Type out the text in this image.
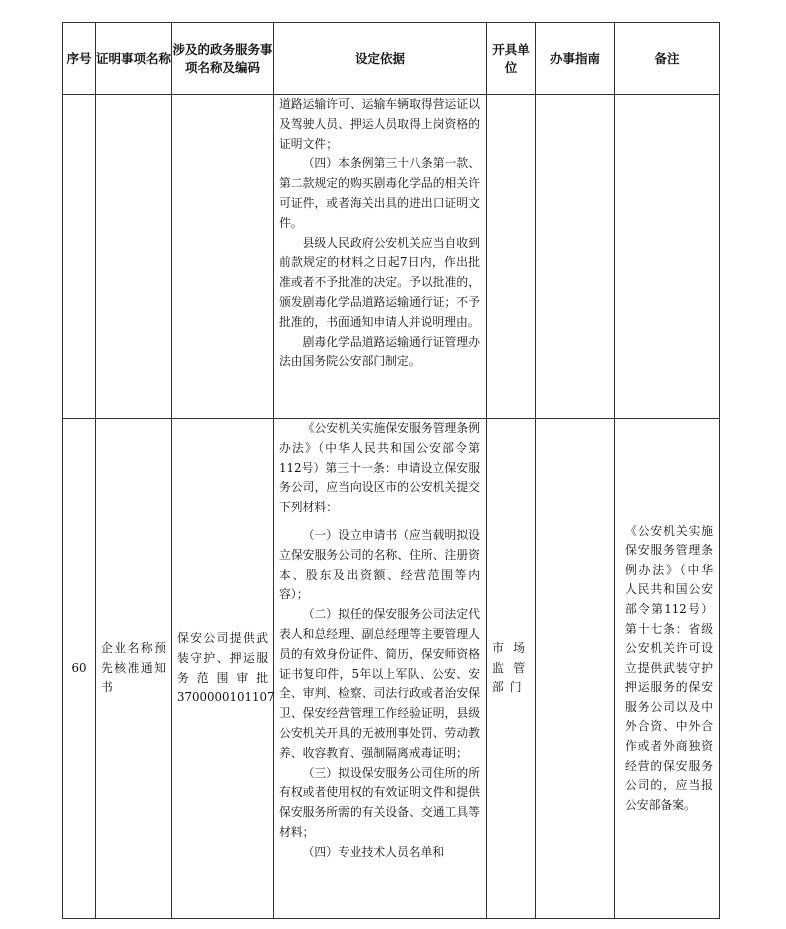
序号	证明事项名称	涉及的政务服务事项名称及编码	设定依据	开具单位	办事指南	备注

			道路运输许可、运输车辆取得营运证以及驾驶人员、押运人员取得上岗资格的证明文件；

（四）本条例第三十八条第一款、第二款规定的购买剧毒化学品的相关许可证件，或者海关出具的进出口证明文件。

县级人民政府公安机关应当自收到前款规定的材料之日起7日内，作出批准或者不予批准的决定。予以批准的，颁发剧毒化学品道路运输通行证；不予批准的，书面通知申请人并说明理由。

剧毒化学品道路运输通行证管理办法由国务院公安部门制定。			

60	企业名称预先核准通知书	保安公司提供武装守护、押运服务范围审批 3700000101107	《公安机关实施保安服务管理条例办法》（中华人民共和国公安部令第112号）第三十一条：申请设立保安服务公司，应当向设区市的公安机关提交下列材料：

（一）设立申请书（应当载明拟设立保安服务公司的名称、住所、注册资本、股东及出资额、经营范围等内容）；

（二）拟任的保安服务公司法定代表人和总经理、副总经理等主要管理人员的有效身份证件、简历，保安师资格证书复印件，5年以上军队、公安、安全、审判、检察、司法行政或者治安保卫、保安经营管理工作经验证明，县级公安机关开具的无被刑事处罚、劳动教养、收容教育、强制隔离戒毒证明；

（三）拟设保安服务公司住所的所有权或者使用权的有效证明文件和提供保安服务所需的有关设备、交通工具等材料；

（四）专业技术人员名单和	市场监管部门		《公安机关实施保安服务管理条例办法》（中华人民共和国公安部令第112号）第十七条：省级公安机关许可设立提供武装守护押运服务的保安服务公司以及中外合资、中外合作或者外商独资经营的保安服务公司的，应当报公安部备案。
